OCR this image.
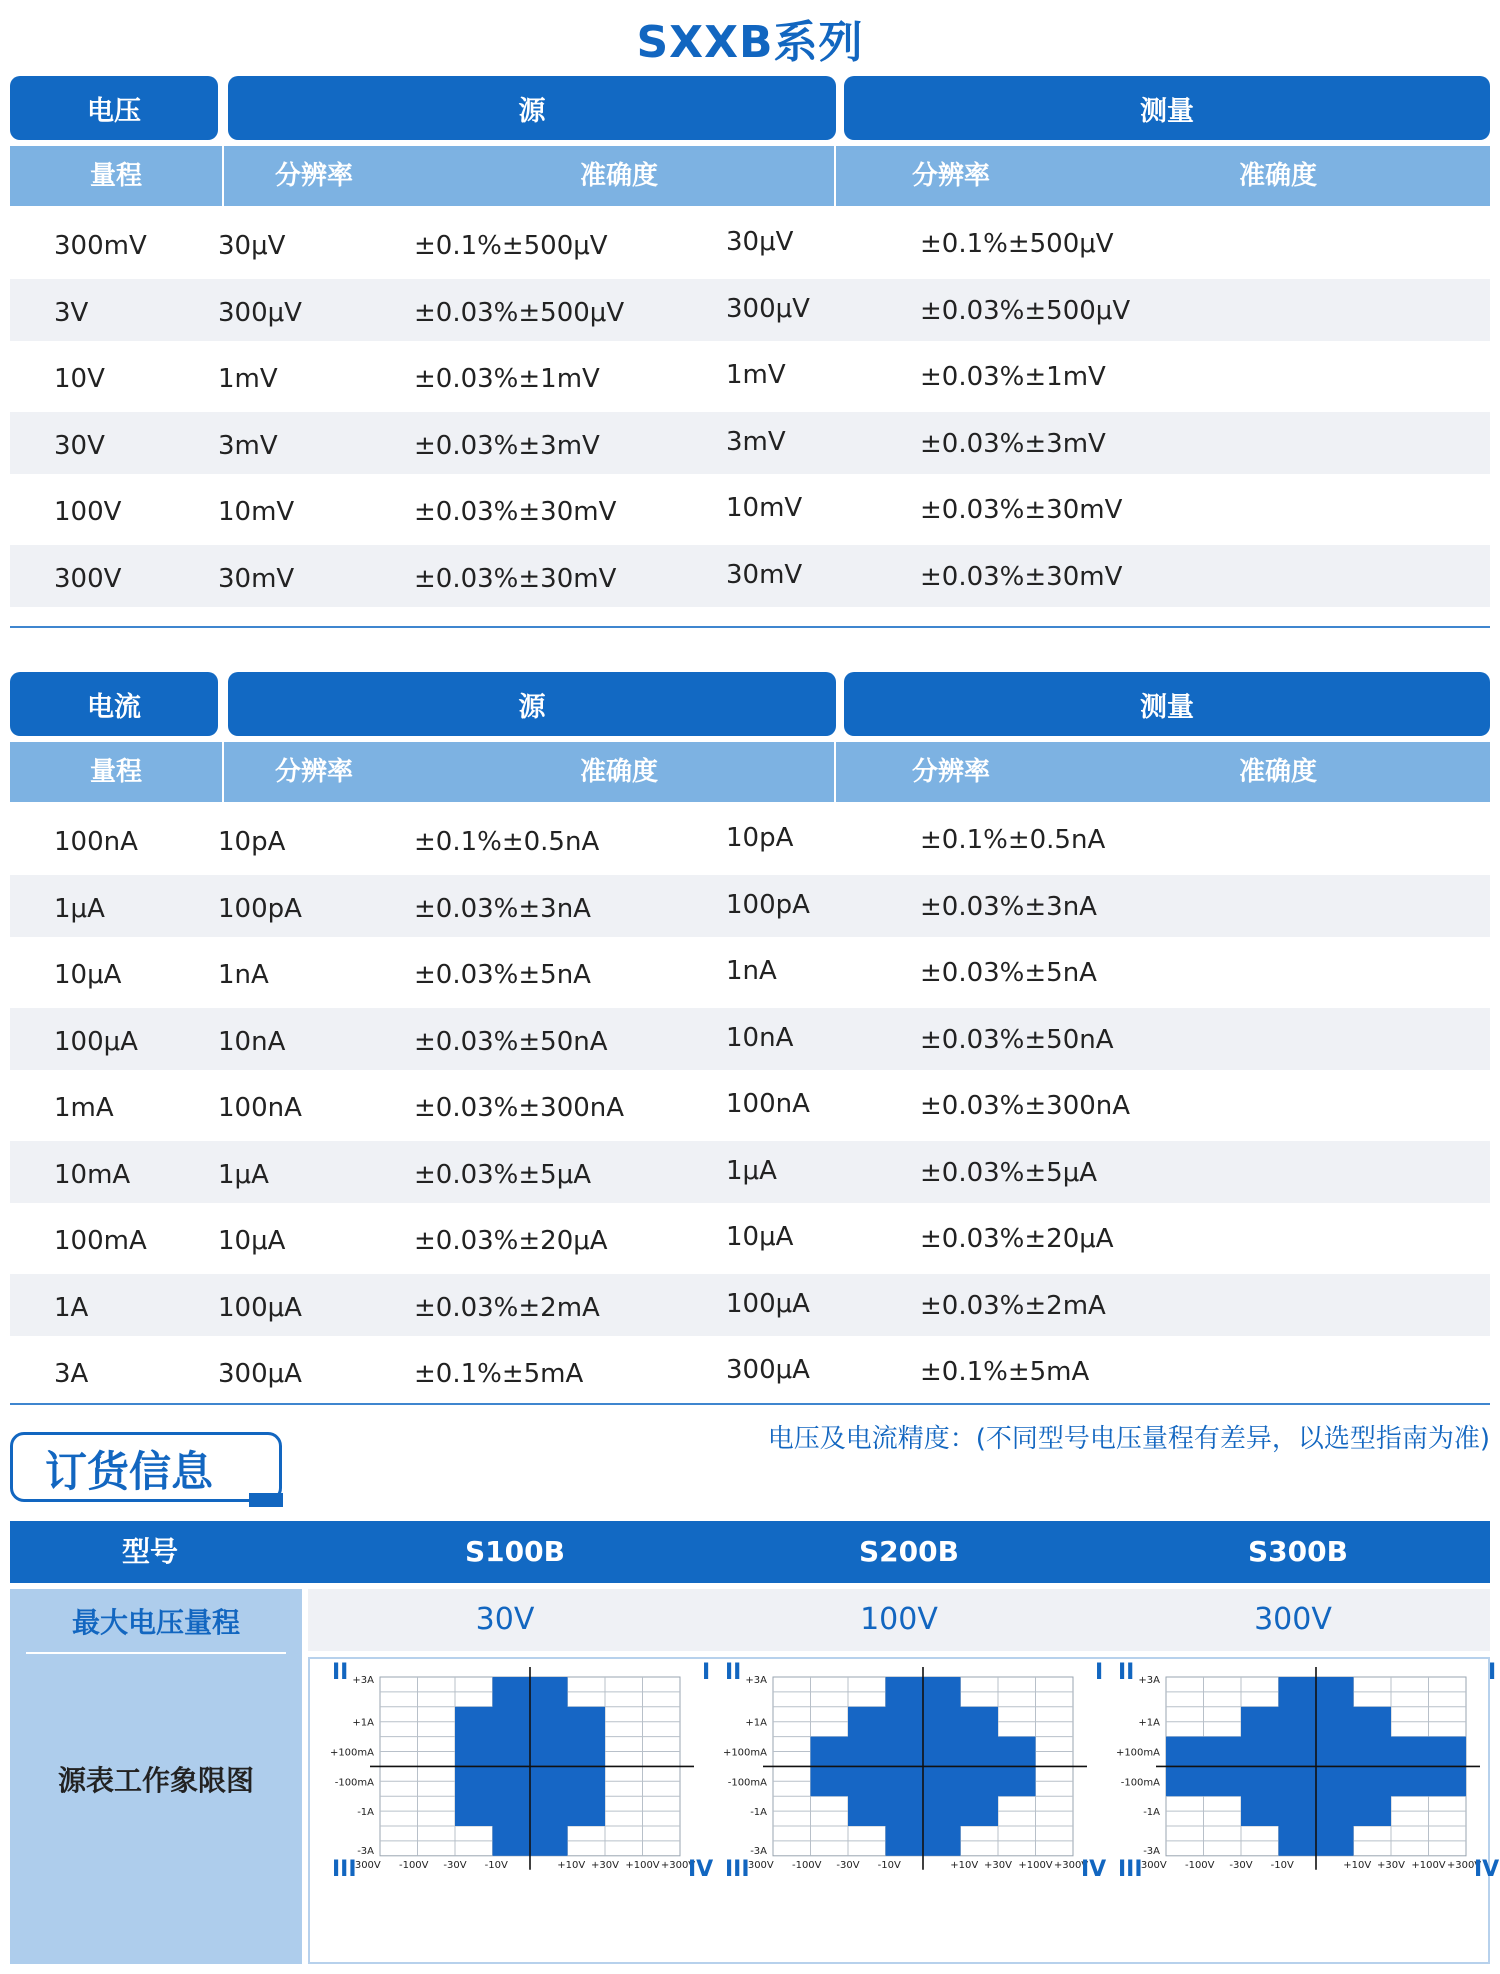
SXXB系列
电压	源	测量
量程	分辨率	准确度	分辨率	准确度
300mV	30μV	±0.1%±500μV	30μV	±0.1%±500μV
3V	300μV	±0.03%±500μV	300μV	±0.03%±500μV
10V	1mV	±0.03%±1mV	1mV	±0.03%±1mV
30V	3mV	±0.03%±3mV	3mV	±0.03%±3mV
100V	10mV	±0.03%±30mV	10mV	±0.03%±30mV
300V	30mV	±0.03%±30mV	30mV	±0.03%±30mV
电流	源	测量
量程	分辨率	准确度	分辨率	准确度
100nA	10pA	±0.1%±0.5nA	10pA	±0.1%±0.5nA
1μA	100pA	±0.03%±3nA	100pA	±0.03%±3nA
10μA	1nA	±0.03%±5nA	1nA	±0.03%±5nA
100μA	10nA	±0.03%±50nA	10nA	±0.03%±50nA
1mA	100nA	±0.03%±300nA	100nA	±0.03%±300nA
10mA	1μA	±0.03%±5μA	1μA	±0.03%±5μA
100mA	10μA	±0.03%±20μA	10μA	±0.03%±20μA
1A	100μA	±0.03%±2mA	100μA	±0.03%±2mA
3A	300μA	±0.1%±5mA	300μA	±0.1%±5mA
订货信息
电压及电流精度：(不同型号电压量程有差异，以选型指南为准)
型号	S100B	S200B	S300B
最大电压量程
源表工作象限图
30V	100V	300V
+3A
+1A
+100mA
-100mA
-1A
-3A
-300V -100V -30V -10V	+10V +30V +100V +300V
II	I
III	IV
+3A
+1A
+100mA
-100mA
-1A
-3A
-300V -100V -30V -10V	+10V +30V +100V +300V
II	I
III	IV
+3A
+1A
+100mA
-100mA
-1A
-3A
-300V -100V -30V -10V	+10V +30V +100V +300V
II	I
III	IV
